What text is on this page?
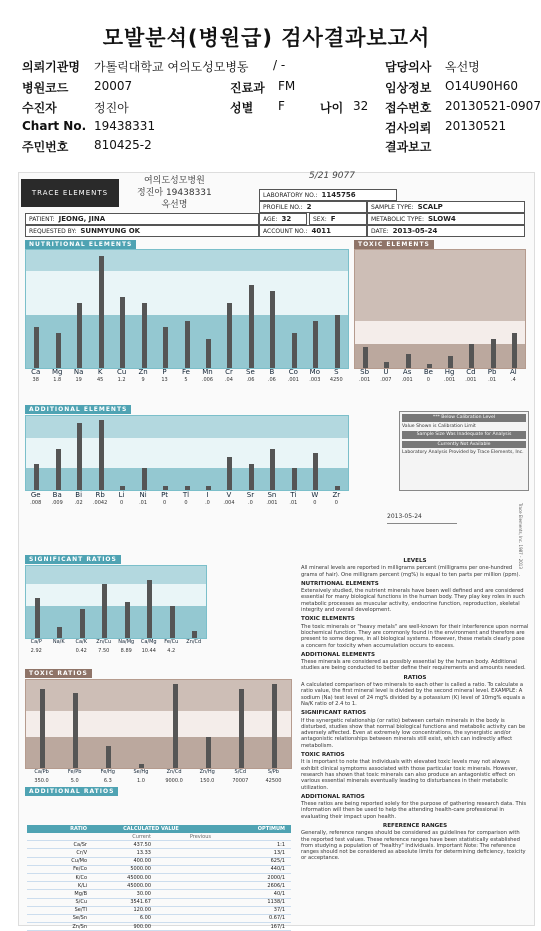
모발분석(병원급) 검사결과보고서
의뢰기관명 가톨릭대학교 여의도성모병동 / -	담당의사 옥선명
병원코드 20007	진료과 FM	임상정보 O14U90H60
수진자	정진아	성별 F	나이 32 접수번호 20130521-0907
Chart No. 19438331	검사의뢰 20130521
주민번호 810425-2	결과보고
TRACE ELEMENTS
여의도성모병원
정진아 19438331
옥선명
5/21 9077
LABORATORY NO.: 1145756
PROFILE NO.: 2	SAMPLE TYPE: SCALP
PATIENT: JEONG, JINA	AGE: 32	SEX: F	METABOLIC TYPE: SLOW4
REQUESTED BY: SUNMYUNG OK	ACCOUNT NO.: 4011	DATE: 2013-05-24
NUTRITIONAL ELEMENTS
Ca	Mg	Na	K	Cu	Zn	P	Fe	Mn	Cr	Se	B	Co	Mo	S
38	1.8	19	45	1.2	9	13	5	.006	.04	.06	.06	.001	.003	4250
TOXIC ELEMENTS
Sb	U	As	Be	Hg	Cd	Pb	Al
.001	.007	.001	0	.001	.001	.01	.4
ADDITIONAL ELEMENTS
Ge	Ba	Bi	Rb	Li	Ni	Pt	Tl	I	V	Sr	Sn	Ti	W	Zr
.008	.009	.02	.0042	0	.01	0	0	.0	.004	.0	.001	.01	0	0
*** Below Calibration Level
Value Shown is Calibration Limit
Sample Size Was Inadequate for Analysis
Currently Not Available
Laboratory Analysis Provided by Trace Elements, Inc.
2013-05-24
SIGNIFICANT RATIOS
Ca/P	Na/K	Ca/K	Zn/Cu	Na/Mg	Ca/Mg	Fe/Cu	Zn/Cd
2.92	0.42	7.50	8.89	10.44	4.2
TOXIC RATIOS
Ca/Pb	Fe/Pb	Fe/Hg	Se/Hg	Zn/Cd	Zn/Hg	S/Cd	S/Pb
350.0	5.0	6.3	1.0	9000.0	150.0	70007	42500
ADDITIONAL RATIOS
RATIO	CALCULATED VALUE	OPTIMUM
Current	Previous
Ca/Sr	437.50	1:1
Cr/V	13.33	13/1
Cu/Mo	400.00	625/1
Fe/Co	5000.00	440/1
K/Co	45000.00	2000/1
K/Li	45000.00	2606/1
Mg/B	30.00	40/1
S/Cu	3541.67	1138/1
Se/Tl	120.00	37/1
Se/Sn	6.00	0.67/1
Zn/Sn	900.00	167/1
LEVELS

All mineral levels are reported in milligrams percent (milligrams per one-hundred grams of hair). One milligram percent (mg%) is equal to ten parts per million (ppm).

NUTRITIONAL ELEMENTS

Extensively studied, the nutrient minerals have been well defined and are considered essential for many biological functions in the human body. They play key roles in such metabolic processes as muscular activity, endocrine function, reproduction, skeletal integrity and overall development.

TOXIC ELEMENTS

The toxic minerals or "heavy metals" are well-known for their interference upon normal biochemical function. They are commonly found in the environment and therefore are present to some degree, in all biological systems. However, these metals clearly pose a concern for toxicity when accumulation occurs to excess.

ADDITIONAL ELEMENTS

These minerals are considered as possibly essential by the human body. Additional studies are being conducted to better define their requirements and amounts needed.

RATIOS

A calculated comparison of two minerals to each other is called a ratio. To calculate a ratio value, the first mineral level is divided by the second mineral level. EXAMPLE: A sodium (Na) test level of 24 mg% divided by a potassium (K) level of 10mg% equals a Na/K ratio of 2.4 to 1.

SIGNIFICANT RATIOS

If the synergetic relationship (or ratio) between certain minerals in the body is disturbed, studies show that normal biological functions and metabolic activity can be adversely affected. Even at extremely low concentrations, the synergistic and/or antagonistic relationships between minerals still exist, which can indirectly affect metabolism.

TOXIC RATIOS

It is important to note that individuals with elevated toxic levels may not always exhibit clinical symptoms associated with those particular toxic minerals. However, research has shown that toxic minerals can also produce an antagonistic effect on various essential minerals eventually leading to disturbances in their metabolic utilization.

ADDITIONAL RATIOS

These ratios are being reported solely for the purpose of gathering research data. This information will then be used to help the attending health-care professional in evaluating their impact upon health.

REFERENCE RANGES

Generally, reference ranges should be considered as guidelines for comparison with the reported test values. These reference ranges have been statistically established from studying a population of "healthy" individuals. Important Note: The reference ranges should not be considered as absolute limits for determining deficiency, toxicity or acceptance.

Trace Elements, Inc. 1987 - 2013
